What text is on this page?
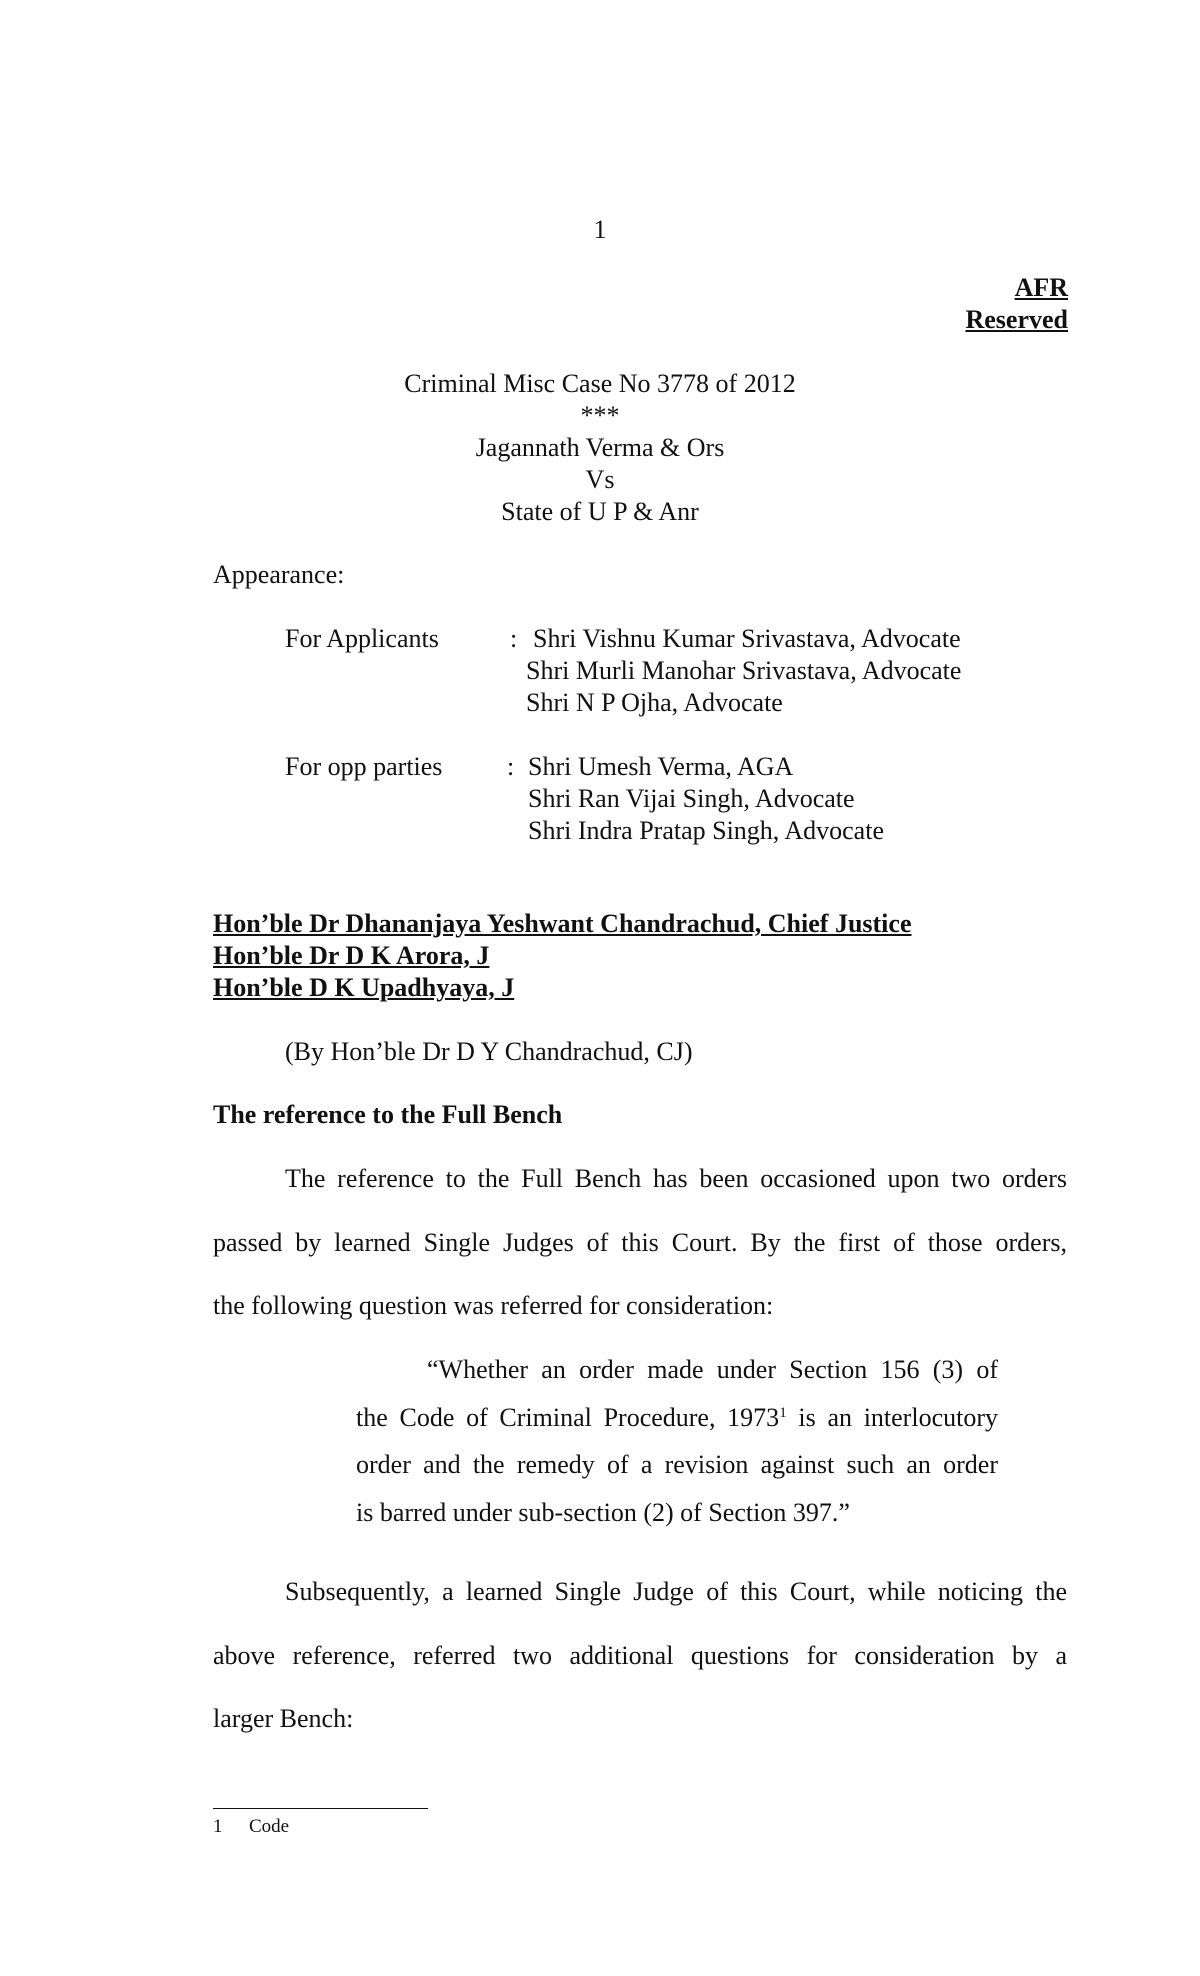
1
AFR
Reserved
Criminal Misc Case No 3778 of 2012
***
Jagannath Verma & Ors
Vs
State of U P & Anr
Appearance:
For Applicants	: Shri Vishnu Kumar Srivastava, Advocate
Shri Murli Manohar Srivastava, Advocate
Shri N P Ojha, Advocate
For opp parties : Shri Umesh Verma, AGA
Shri Ran Vijai Singh, Advocate
Shri Indra Pratap Singh, Advocate
Hon’ble Dr Dhananjaya Yeshwant Chandrachud, Chief Justice
Hon’ble Dr D K Arora, J
Hon’ble D K Upadhyaya, J
(By Hon’ble Dr D Y Chandrachud, CJ)
The reference to the Full Bench
The reference to the Full Bench has been occasioned upon two orders
passed by learned Single Judges of this Court. By the first of those orders,
the following question was referred for consideration:
“Whether an order made under Section 156 (3) of
the Code of Criminal Procedure, 1973$^1$ is an interlocutory
order and the remedy of a revision against such an order
is barred under sub-section (2) of Section 397.”
Subsequently, a learned Single Judge of this Court, while noticing the
above reference, referred two additional questions for consideration by a
larger Bench:
1 Code
